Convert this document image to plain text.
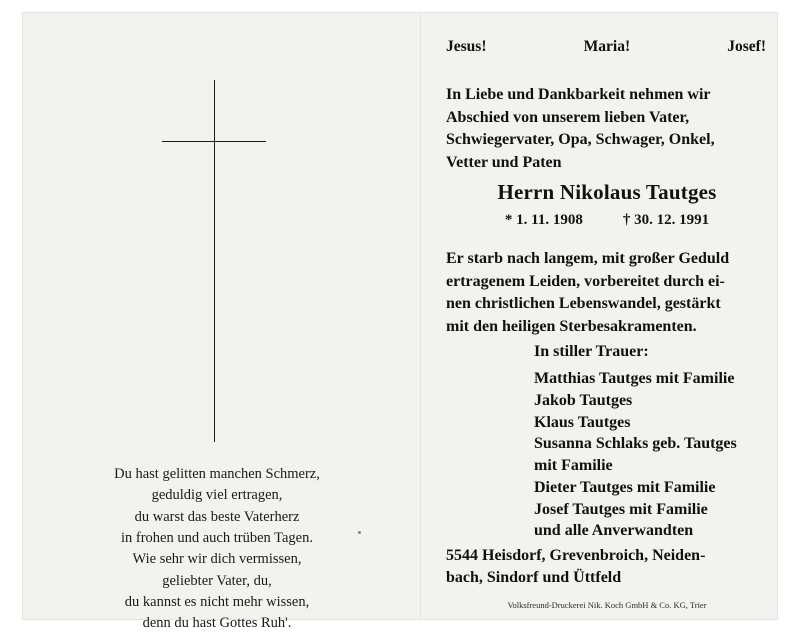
Du hast gelitten manchen Schmerz,
geduldig viel ertragen,
du warst das beste Vaterherz
in frohen und auch trüben Tagen.
Wie sehr wir dich vermissen,
geliebter Vater, du,
du kannst es nicht mehr wissen,
denn du hast Gottes Ruh'.
Jesus!	Maria!	Josef!
In Liebe und Dankbarkeit nehmen wir
Abschied von unserem lieben Vater,
Schwiegervater, Opa, Schwager, Onkel,
Vetter und Paten
Herrn Nikolaus Tautges
* 1. 11. 1908	† 30. 12. 1991
Er starb nach langem, mit großer Geduld
ertragenem Leiden, vorbereitet durch ei-
nen christlichen Lebenswandel, gestärkt
mit den heiligen Sterbesakramenten.
In stiller Trauer:
Matthias Tautges mit Familie
Jakob Tautges
Klaus Tautges
Susanna Schlaks geb. Tautges
mit Familie
Dieter Tautges mit Familie
Josef Tautges mit Familie
und alle Anverwandten
5544 Heisdorf, Grevenbroich, Neiden-
bach, Sindorf und Üttfeld
Volksfreund-Druckerei Nik. Koch GmbH & Co. KG, Trier
